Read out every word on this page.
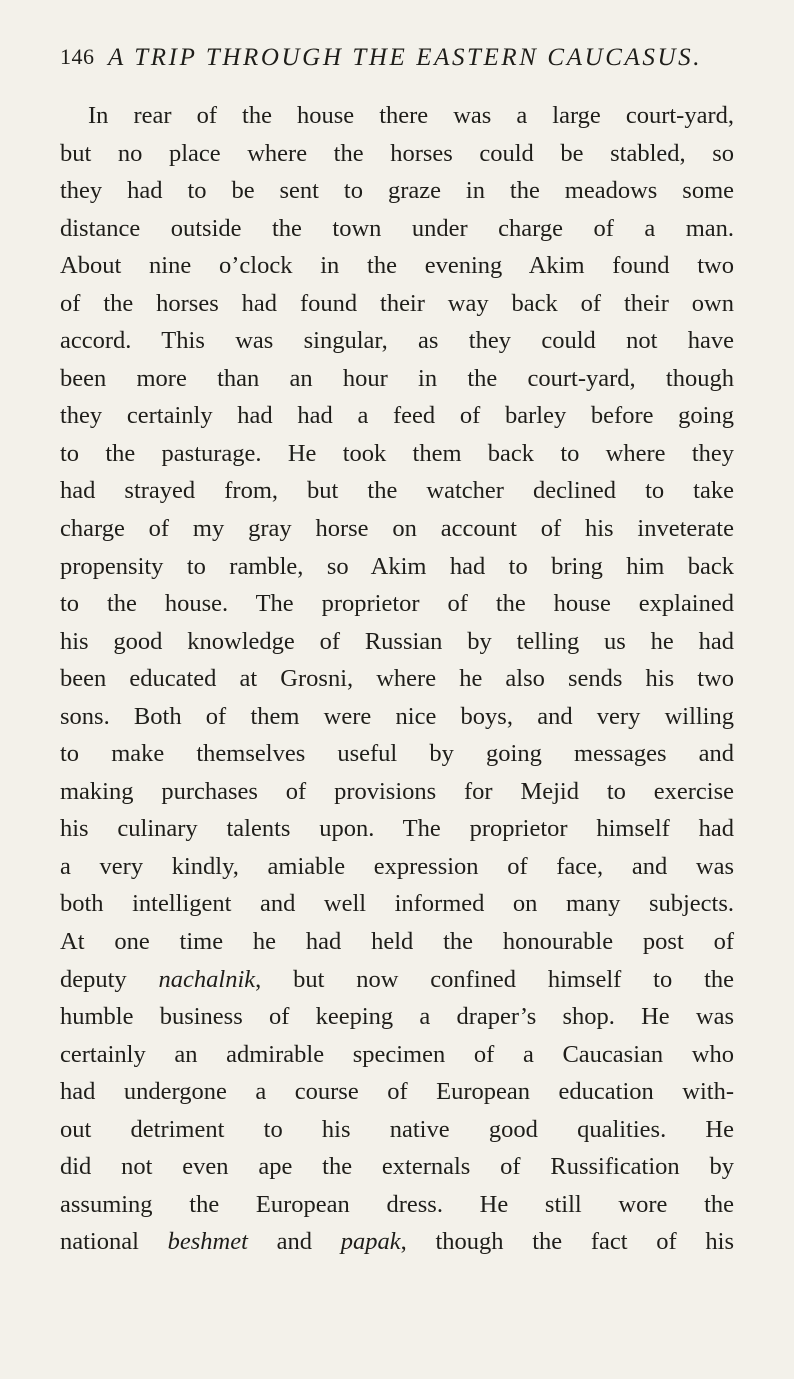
146 A TRIP THROUGH THE EASTERN CAUCASUS.
In rear of the house there was a large court-yard,
but no place where the horses could be stabled, so
they had to be sent to graze in the meadows some
distance outside the town under charge of a man.
About nine o’clock in the evening Akim found two
of the horses had found their way back of their own
accord. This was singular, as they could not have
been more than an hour in the court-yard, though
they certainly had had a feed of barley before going
to the pasturage. He took them back to where they
had strayed from, but the watcher declined to take
charge of my gray horse on account of his inveterate
propensity to ramble, so Akim had to bring him back
to the house. The proprietor of the house explained
his good knowledge of Russian by telling us he had
been educated at Grosni, where he also sends his two
sons. Both of them were nice boys, and very willing
to make themselves useful by going messages and
making purchases of provisions for Mejid to exercise
his culinary talents upon. The proprietor himself had
a very kindly, amiable expression of face, and was
both intelligent and well informed on many subjects.
At one time he had held the honourable post of
deputy nachalnik, but now confined himself to the
humble business of keeping a draper’s shop. He was
certainly an admirable specimen of a Caucasian who
had undergone a course of European education with-
out detriment to his native good qualities. He
did not even ape the externals of Russification by
assuming the European dress. He still wore the
national beshmet and papak, though the fact of his
